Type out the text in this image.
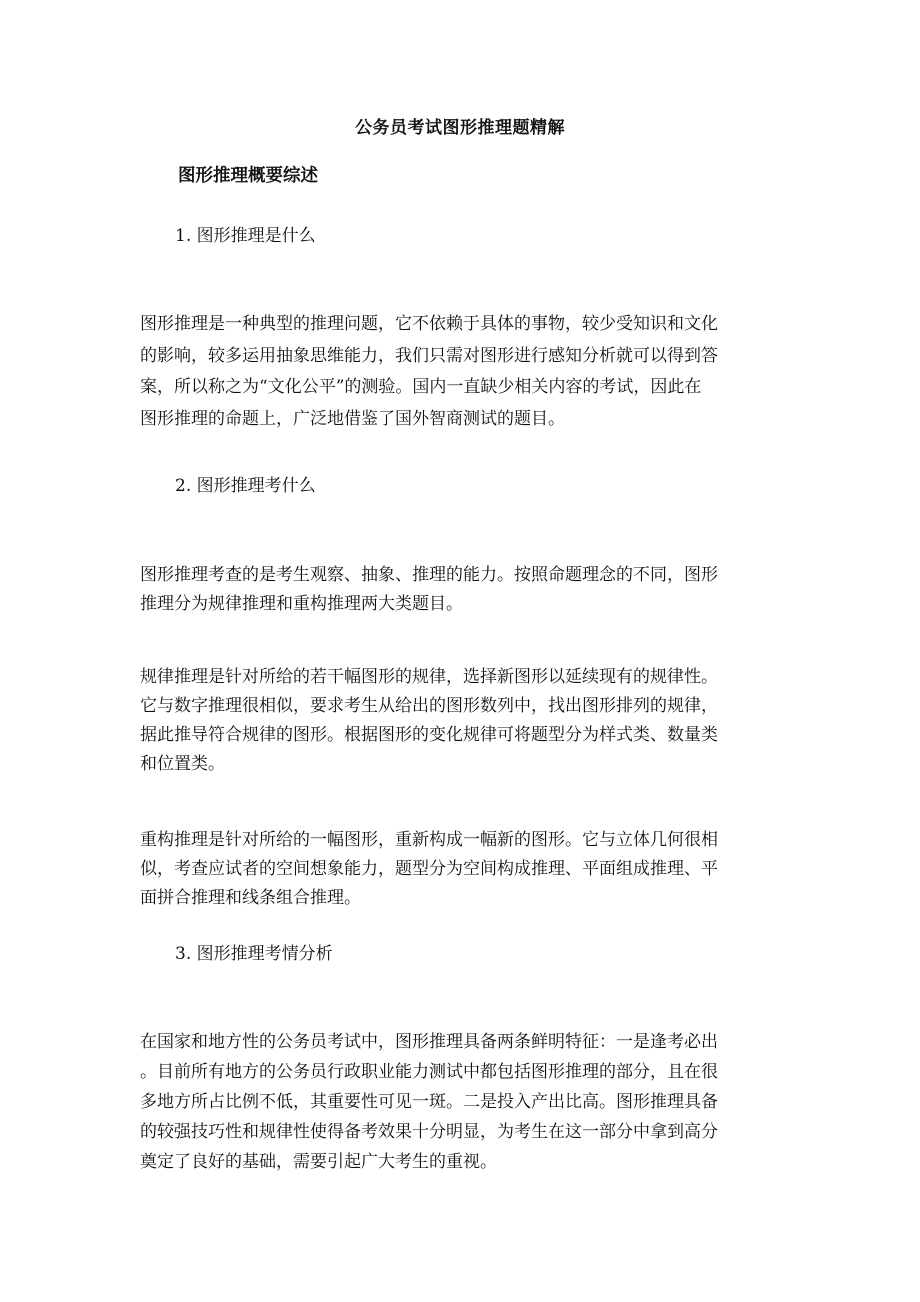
公务员考试图形推理题精解
图形推理概要综述
1. 图形推理是什么
图形推理是一种典型的推理问题，它不依赖于具体的事物，较少受知识和文化
的影响，较多运用抽象思维能力，我们只需对图形进行感知分析就可以得到答
案，所以称之为“文化公平”的测验。国内一直缺少相关内容的考试，因此在
图形推理的命题上，广泛地借鉴了国外智商测试的题目。
2. 图形推理考什么
图形推理考查的是考生观察、抽象、推理的能力。按照命题理念的不同，图形
推理分为规律推理和重构推理两大类题目。
规律推理是针对所给的若干幅图形的规律，选择新图形以延续现有的规律性。
它与数字推理很相似，要求考生从给出的图形数列中，找出图形排列的规律，
据此推导符合规律的图形。根据图形的变化规律可将题型分为样式类、数量类
和位置类。
重构推理是针对所给的一幅图形，重新构成一幅新的图形。它与立体几何很相
似，考查应试者的空间想象能力，题型分为空间构成推理、平面组成推理、平
面拼合推理和线条组合推理。
3. 图形推理考情分析
在国家和地方性的公务员考试中，图形推理具备两条鲜明特征：一是逢考必出
。目前所有地方的公务员行政职业能力测试中都包括图形推理的部分，且在很
多地方所占比例不低，其重要性可见一斑。二是投入产出比高。图形推理具备
的较强技巧性和规律性使得备考效果十分明显，为考生在这一部分中拿到高分
奠定了良好的基础，需要引起广大考生的重视。
